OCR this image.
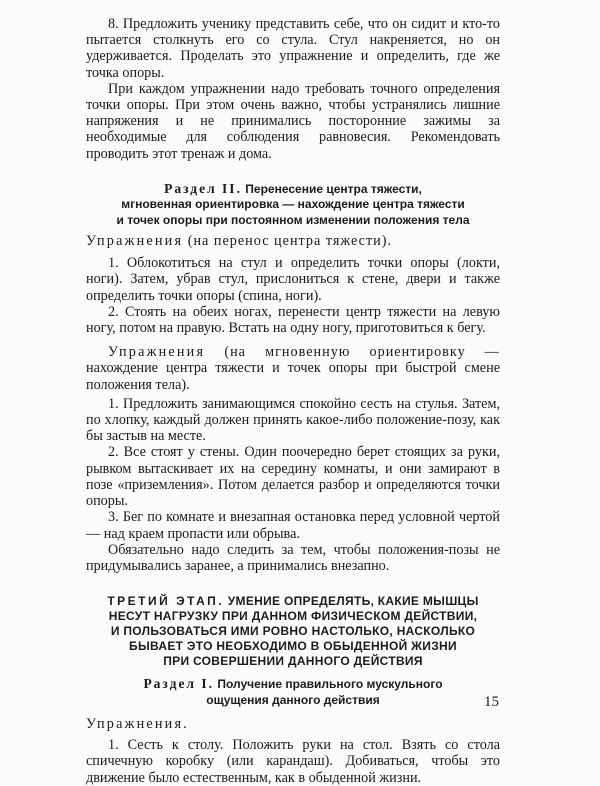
8. Предложить ученику представить себе, что он сидит и кто-то пытается столкнуть его со стула. Стул накреняется, но он удерживается. Проделать это упражнение и определить, где же точка опоры.

При каждом упражнении надо требовать точного определения точки опоры. При этом очень важно, чтобы устранялись лишние напряжения и не принимались посторонние зажимы за необходимые для соблюдения равновесия. Рекомендовать проводить этот тренаж и дома.

Раздел II. Перенесение центра тяжести,
мгновенная ориентировка — нахождение центра тяжести
и точек опоры при постоянном изменении положения тела

Упражнения (на перенос центра тяжести).

1. Облокотиться на стул и определить точки опоры (локти, ноги). Затем, убрав стул, прислониться к стене, двери и также определить точки опоры (спина, ноги).

2. Стоять на обеих ногах, перенести центр тяжести на левую ногу, потом на правую. Встать на одну ногу, приготовиться к бегу.

Упражнения (на мгновенную ориентировку — нахождение центра тяжести и точек опоры при быстрой смене положения тела).

1. Предложить занимающимся спокойно сесть на стулья. Затем, по хлопку, каждый должен принять какое-либо положение-позу, как бы застыв на месте.

2. Все стоят у стены. Один поочередно берет стоящих за руки, рывком вытаскивает их на середину комнаты, и они замирают в позе «приземления». Потом делается разбор и определяются точки опоры.

3. Бег по комнате и внезапная остановка перед условной чертой — над краем пропасти или обрыва.

Обязательно надо следить за тем, чтобы положения-позы не придумывались заранее, а принимались внезапно.

ТРЕТИЙ ЭТАП. УМЕНИЕ ОПРЕДЕЛЯТЬ, КАКИЕ МЫШЦЫ
НЕСУТ НАГРУЗКУ ПРИ ДАННОМ ФИЗИЧЕСКОМ ДЕЙСТВИИ,
И ПОЛЬЗОВАТЬСЯ ИМИ РОВНО НАСТОЛЬКО, НАСКОЛЬКО
БЫВАЕТ ЭТО НЕОБХОДИМО В ОБЫДЕННОЙ ЖИЗНИ
ПРИ СОВЕРШЕНИИ ДАННОГО ДЕЙСТВИЯ
Раздел I. Получение правильного мускульного
ощущения данного действия

Упражнения.

1. Сесть к столу. Положить руки на стол. Взять со стола спичечную коробку (или карандаш). Добиваться, чтобы это движение было естественным, как в обыденной жизни.

15
